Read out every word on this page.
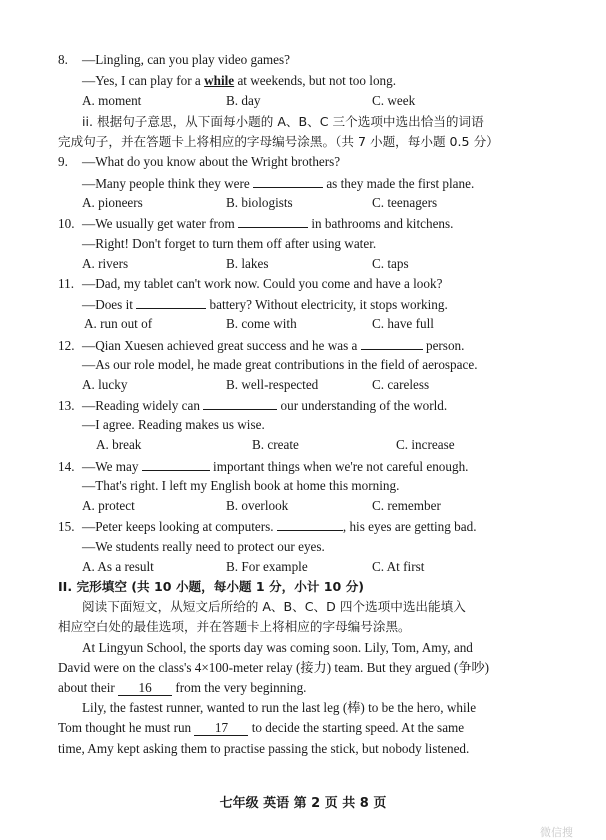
8. —Lingling, can you play video games?
—Yes, I can play for a while at weekends, but not too long.
A. moment	B. day	C. week
ii. 根据句子意思，从下面每小题的 A、B、C 三个选项中选出恰当的词语
完成句子，并在答题卡上将相应的字母编号涂黑。（共 7 小题，每小题 0.5 分）
9. —What do you know about the Wright brothers?
—Many people think they were	as they made the first plane.
A. pioneers	B. biologists	C. teenagers
10. —We usually get water from	in bathrooms and kitchens.
—Right! Don't forget to turn them off after using water.
A. rivers	B. lakes	C. taps
11. —Dad, my tablet can't work now. Could you come and have a look?
—Does it	battery? Without electricity, it stops working.
A. run out of	B. come with	C. have full
12. —Qian Xuesen achieved great success and he was a	person.
—As our role model, he made great contributions in the field of aerospace.
A. lucky	B. well-respected	C. careless
13. —Reading widely can	our understanding of the world.
—I agree. Reading makes us wise.
A. break	B. create	C. increase
14. —We may	important things when we're not careful enough.
—That's right. I left my English book at home this morning.
A. protect	B. overlook	C. remember
15. —Peter keeps looking at computers.	, his eyes are getting bad.
—We students really need to protect our eyes.
A. As a result	B. For example	C. At first
II. 完形填空 (共 10 小题，每小题 1 分，小计 10 分)
阅读下面短文，从短文后所给的 A、B、C、D 四个选项中选出能填入
相应空白处的最佳选项，并在答题卡上将相应的字母编号涂黑。
At Lingyun School, the sports day was coming soon. Lily, Tom, Amy, and
David were on the class's 4×100-meter relay (接力) team. But they argued (争吵)
about their 16 from the very beginning.
Lily, the fastest runner, wanted to run the last leg (棒) to be the hero, while
Tom thought he must run 17 to decide the starting speed. At the same
time, Amy kept asking them to practise passing the stick, but nobody listened.
七年级 英语 第 2 页 共 8 页
微信搜
